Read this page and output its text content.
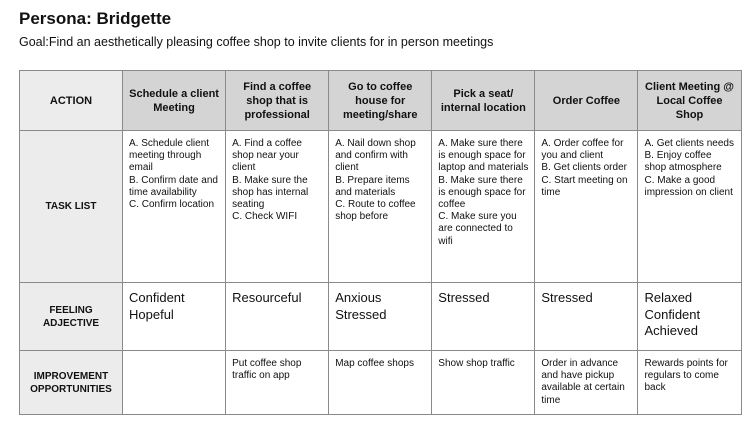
Persona: Bridgette
Goal:Find an aesthetically pleasing coffee shop to invite clients for in person meetings
ACTION	Schedule a client Meeting	Find a coffee shop that is professional	Go to coffee house for meeting/share	Pick a seat/ internal location	Order Coffee	Client Meeting @ Local Coffee Shop
TASK LIST	A. Schedule client meeting through email
B. Confirm date and time availability
C. Confirm location	A. Find a coffee shop near your client
B. Make sure the shop has internal seating
C. Check WIFI	A. Nail down shop and confirm with client
B. Prepare items and materials
C. Route to coffee shop before	A. Make sure there is enough space for laptop and materials
B. Make sure there is enough space for coffee
C. Make sure you are connected to wifi	A. Order coffee for you and client
B. Get clients order
C. Start meeting on time	A. Get clients needs
B. Enjoy coffee shop atmosphere
C. Make a good impression on client

FEELING ADJECTIVE	Confident
Hopeful	Resourceful	Anxious
Stressed	Stressed	Stressed	Relaxed
Confident
Achieved

IMPROVEMENT OPPORTUNITIES		Put coffee shop traffic on app	Map coffee shops	Show shop traffic	Order in advance and have pickup available at certain time	Rewards points for regulars to come back
